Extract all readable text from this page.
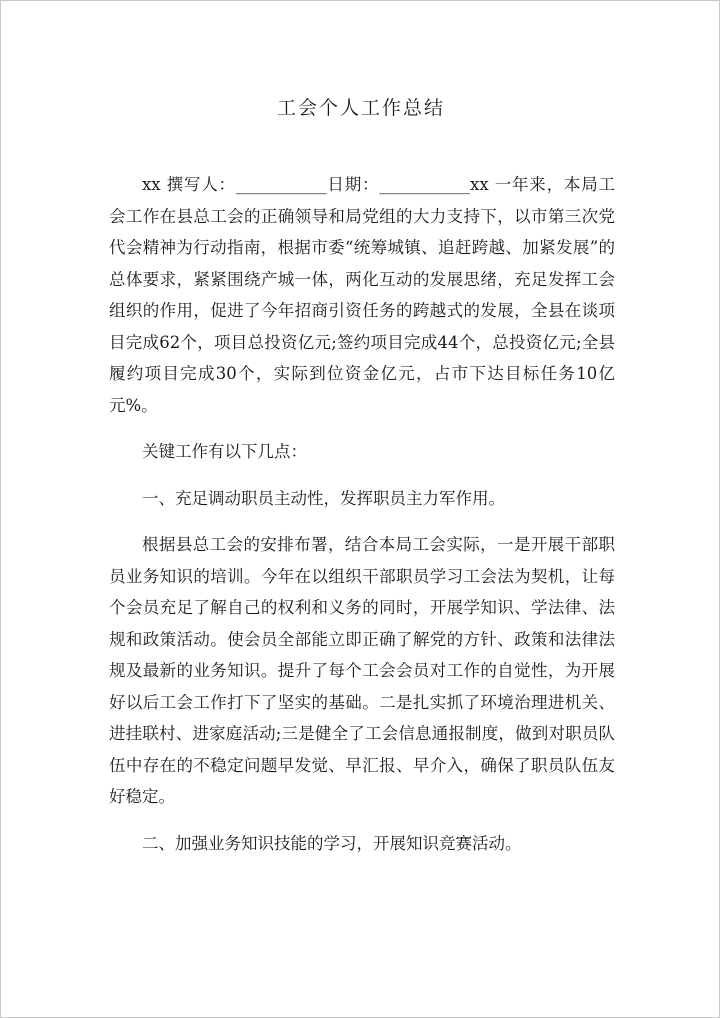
工会个人工作总结

xx 撰写人：___________日期：___________xx 一年来，本局工会工作在县总工会的正确领导和局党组的大力支持下，以市第三次党代会精神为行动指南，根据市委“统筹城镇、追赶跨越、加紧发展”的总体要求，紧紧围绕产城一体，两化互动的发展思绪，充足发挥工会组织的作用，促进了今年招商引资任务的跨越式的发展，全县在谈项目完成62个，项目总投资亿元;签约项目完成44个，总投资亿元;全县履约项目完成30个，实际到位资金亿元，占市下达目标任务10亿元%。

关键工作有以下几点：

一、充足调动职员主动性，发挥职员主力军作用。

根据县总工会的安排布署，结合本局工会实际，一是开展干部职员业务知识的培训。今年在以组织干部职员学习工会法为契机，让每个会员充足了解自己的权利和义务的同时，开展学知识、学法律、法规和政策活动。使会员全部能立即正确了解党的方针、政策和法律法规及最新的业务知识。提升了每个工会会员对工作的自觉性，为开展好以后工会工作打下了坚实的基础。二是扎实抓了环境治理进机关、进挂联村、进家庭活动;三是健全了工会信息通报制度，做到对职员队伍中存在的不稳定问题早发觉、早汇报、早介入，确保了职员队伍友好稳定。

二、加强业务知识技能的学习，开展知识竞赛活动。
